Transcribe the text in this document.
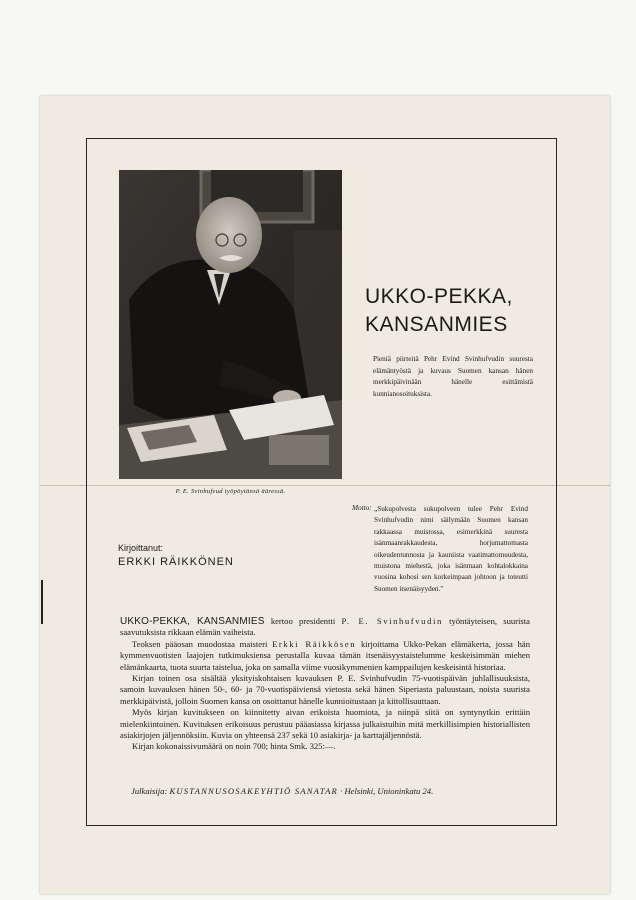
P. E. Svinhufvud työpöytänsä ääressä.
UKKO-PEKKA,
KANSANMIES
Pieniä piirteitä Pehr Evind Svinhufvudin suuresta elämäntyöstä ja kuvaus Suomen kansan hänen merkkipäivinään hänelle esittämistä kunnianosoituksista.
Motto: „Sukupolvesta sukupolveen tulee Pehr Evind Svinhufvudin nimi säilymään Suomen kansan rakkaassa muistossa, esimerkkinä suuresta isänmaanrakkaudesta, horjumattomasta oikeudentunnosta ja kauniista vaatimattomuudesta, muistona miehestä, joka isänmaan kohtalokkaina vuosina kohosi sen korkeimpaan johtoon ja toteutti Suomen itsenäisyyden."
Kirjoittanut:
ERKKI RÄIKKÖNEN

UKKO-PEKKA, KANSANMIES kertoo presidentti P. E. Svinhufvudin työntäyteisen, suurista saavutuksista rikkaan elämän vaiheista.

Teoksen pääosan muodostaa maisteri Erkki Räikkösen kirjoittama Ukko-Pekan elämäkerta, jossa hän kymmenvuotisten laajojen tutkimuksiensa perustalla kuvaa tämän itsenäisyystaistelumme keskeisimmän miehen elämänkaarta, tuota suurta taistelua, joka on samalla viime vuosikymmenien kamppailujen keskeisintä historiaa.

Kirjan toinen osa sisältää yksityiskohtaisen kuvauksen P. E. Svinhufvudin 75-vuotispäivän juhlallisuuksista, samoin kuvauksen hänen 50-, 60- ja 70-vuotispäiviensä vietosta sekä hänen Siperiasta paluustaan, noista suurista merkkipäivistä, jolloin Suomen kansa on osoittanut hänelle kunnioitustaan ja kiitollisuuttaan.

Myös kirjan kuvitukseen on kiinnitetty aivan erikoista huomiota, ja niinpä siitä on syntynytkin erittäin mielenkiintoinen. Kuvituksen erikoisuus perustuu pääasiassa kirjassa julkaistuihin mitä merkillisimpien historiallisten asiakirjojen jäljennöksiin. Kuvia on yhteensä 237 sekä 10 asiakirja- ja karttajäljennöstä.

Kirjan kokonaissivumäärä on noin 700; hinta Smk. 325:—.

Julkaisija: KUSTANNUSOSAKEYHTIÖ SANATAR · Helsinki, Unioninkatu 24.
